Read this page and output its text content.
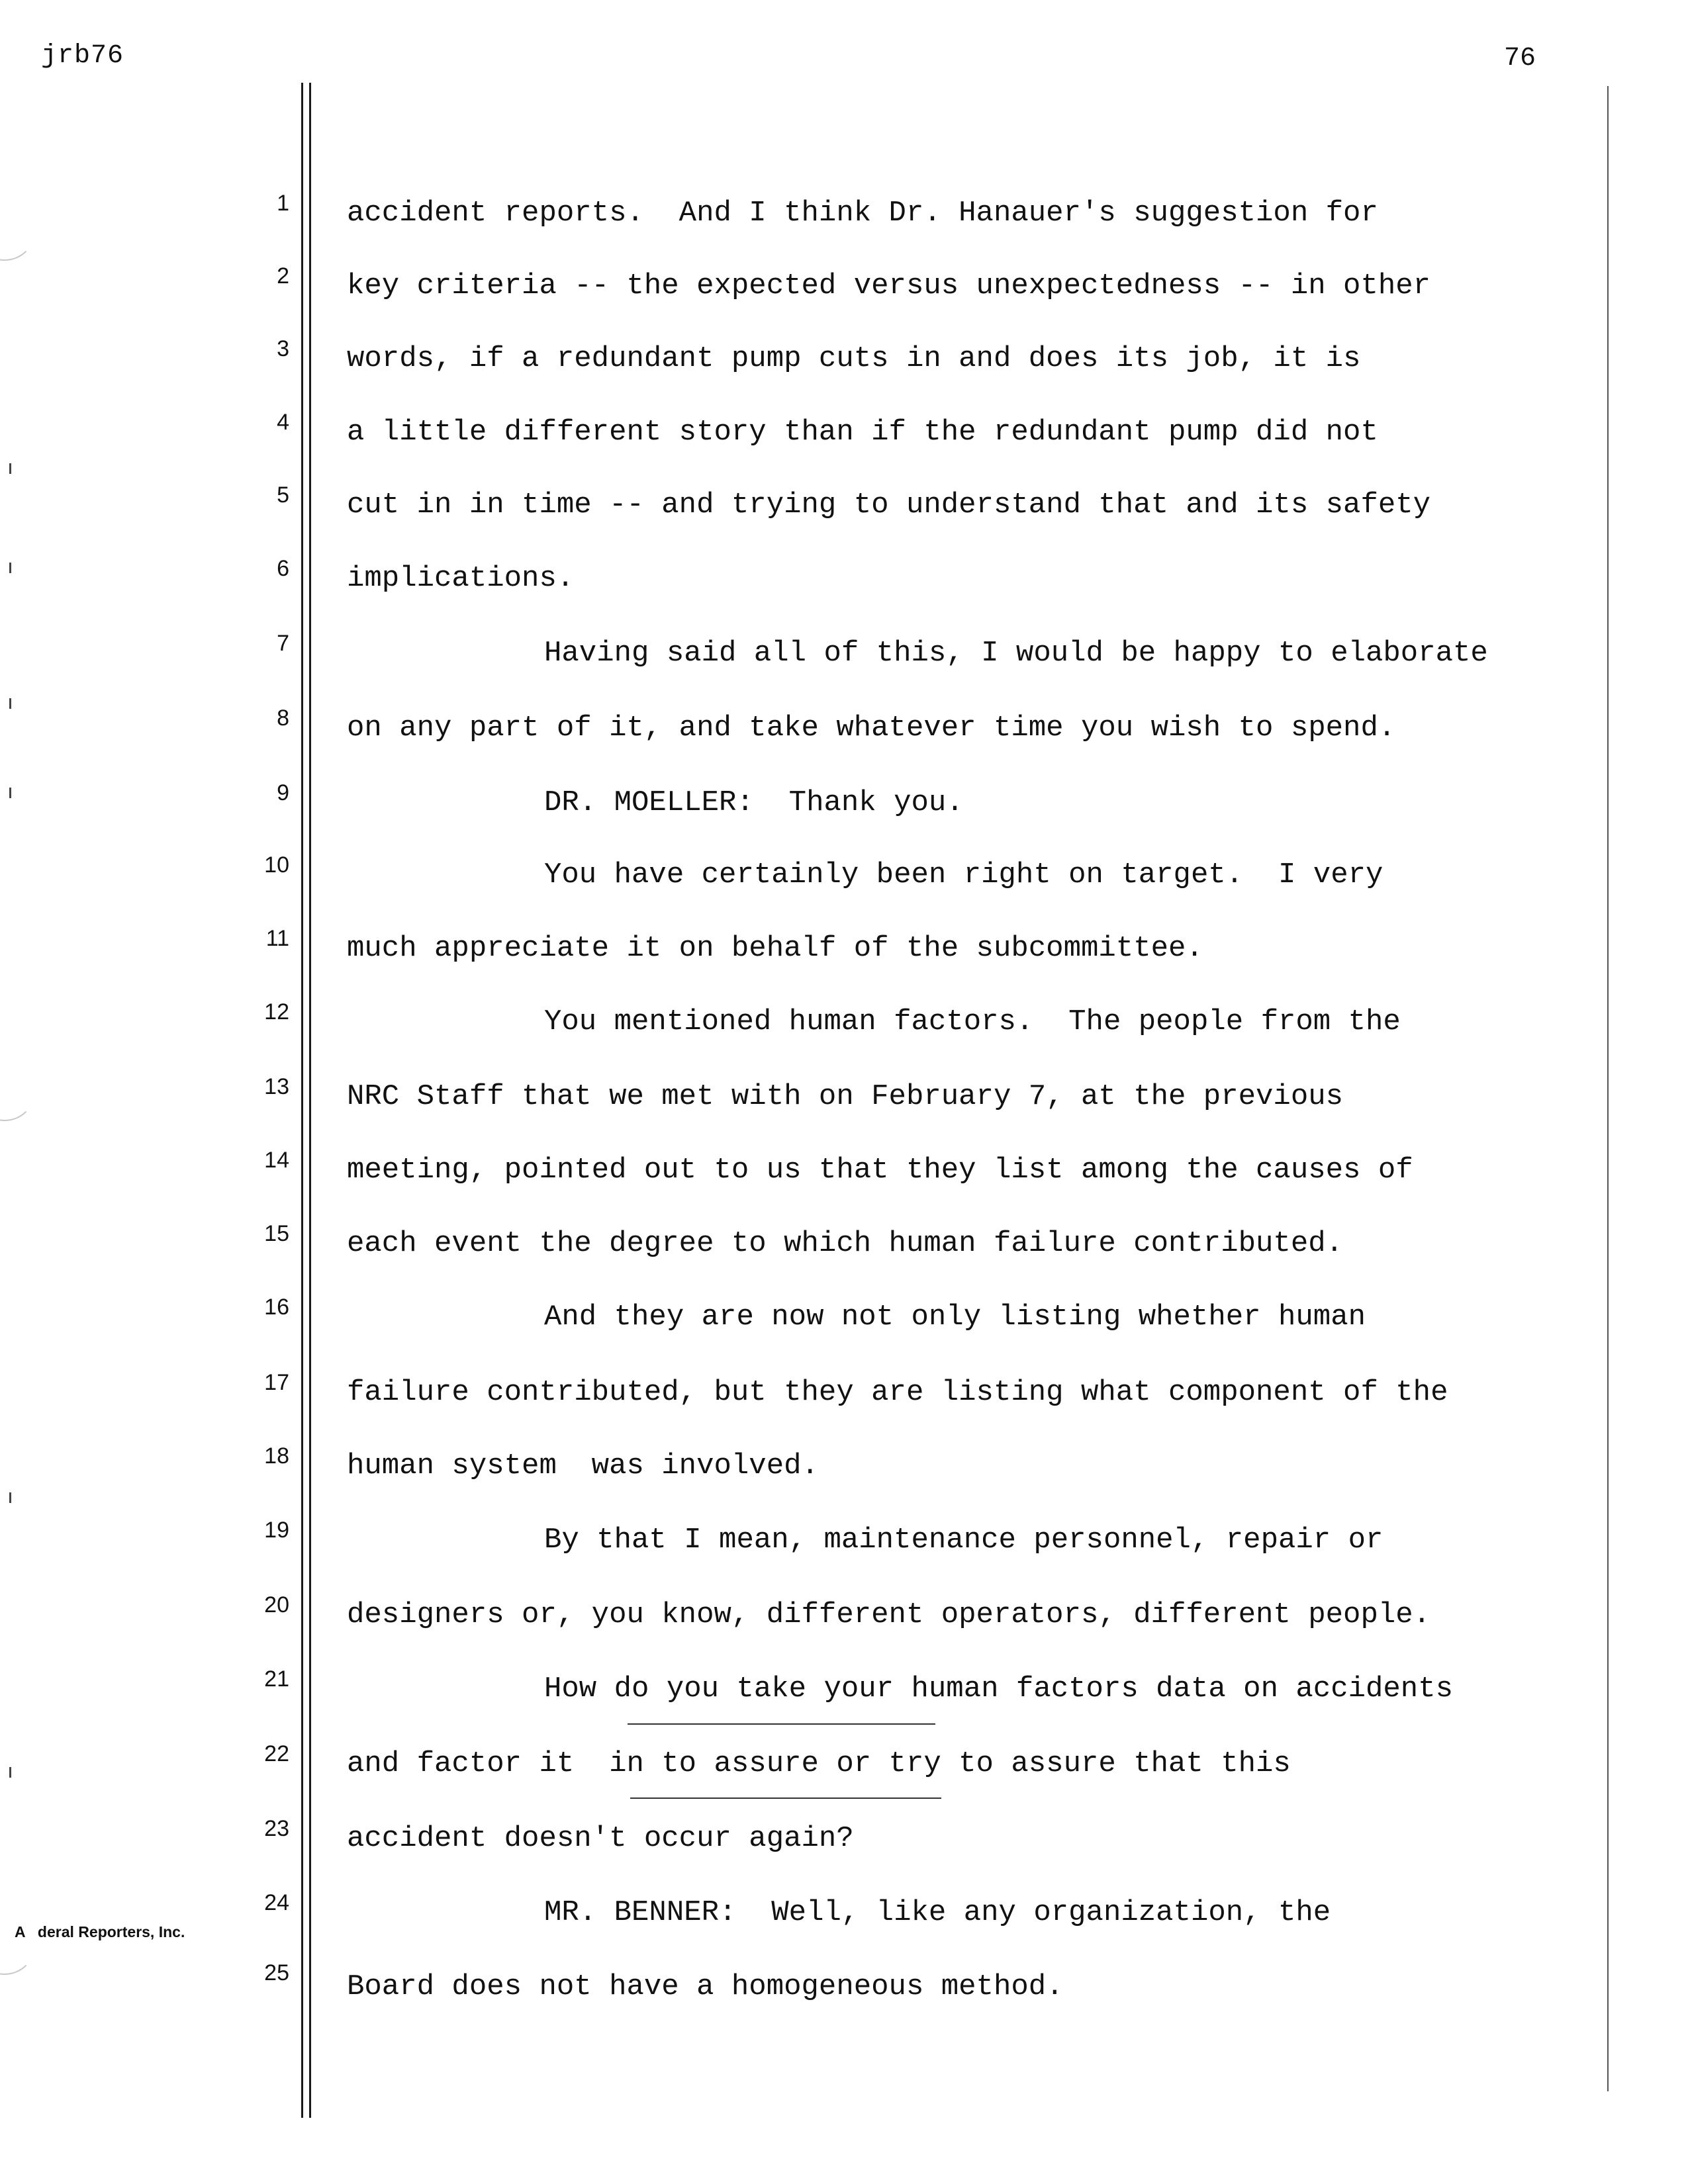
jrb76	76
1
2
3
4
5
6
7
8
9
10
11
12
13
14
15
16
17
18
19
20
21
22
23
24
25
accident reports.  And I think Dr. Hanauer's suggestion for
key criteria -- the expected versus unexpectedness -- in other
words, if a redundant pump cuts in and does its job, it is
a little different story than if the redundant pump did not
cut in in time -- and trying to understand that and its safety
implications.
Having said all of this, I would be happy to elaborate
on any part of it, and take whatever time you wish to spend.
DR. MOELLER:  Thank you.
You have certainly been right on target.  I very
much appreciate it on behalf of the subcommittee.
You mentioned human factors.  The people from the
NRC Staff that we met with on February 7, at the previous
meeting, pointed out to us that they list among the causes of
each event the degree to which human failure contributed.
And they are now not only listing whether human
failure contributed, but they are listing what component of the
human system  was involved.
By that I mean, maintenance personnel, repair or
designers or, you know, different operators, different people.
How do you take your human factors data on accidents
and factor it  in to assure or try to assure that this
accident doesn't occur again?
MR. BENNER:  Well, like any organization, the
Board does not have a homogeneous method.
A   deral Reporters, Inc.
